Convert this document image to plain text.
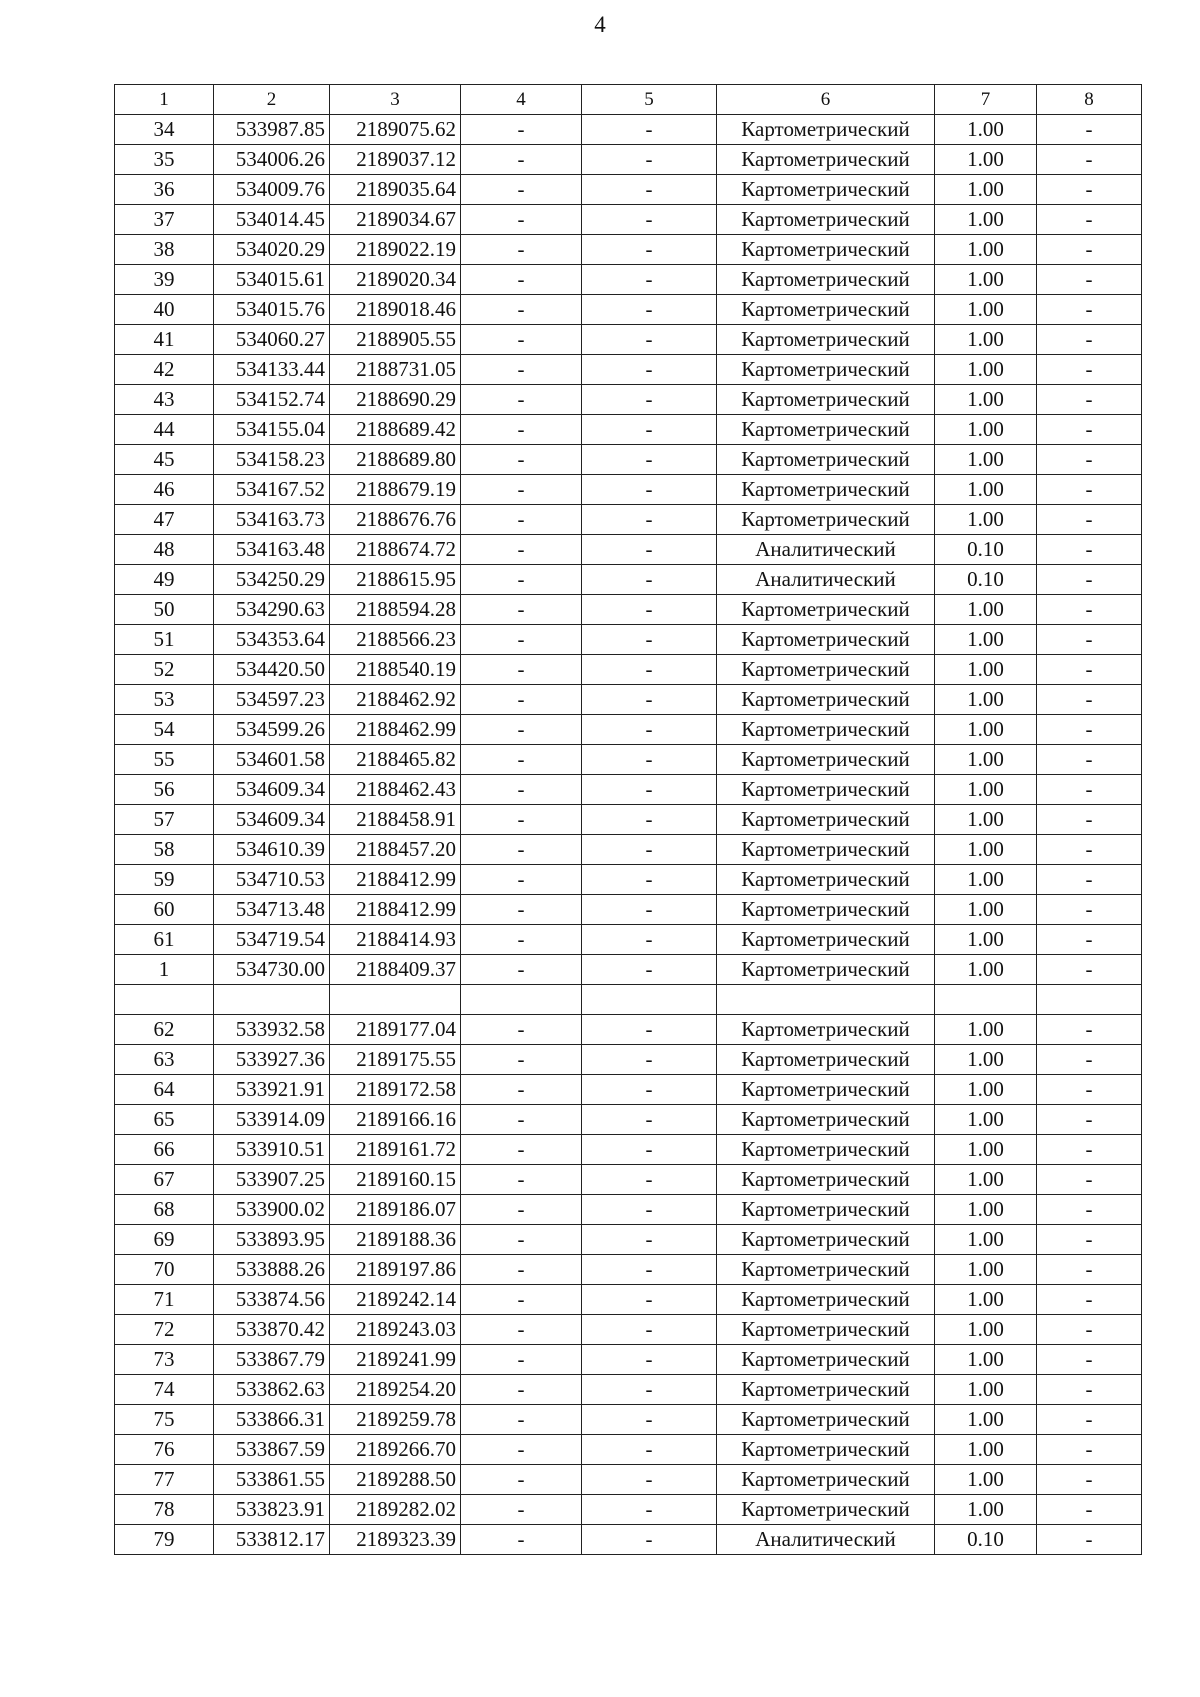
4
1	2	3	4	5	6	7	8
34	533987.85	2189075.62	-	-	Картометрический	1.00	-
35	534006.26	2189037.12	-	-	Картометрический	1.00	-
36	534009.76	2189035.64	-	-	Картометрический	1.00	-
37	534014.45	2189034.67	-	-	Картометрический	1.00	-
38	534020.29	2189022.19	-	-	Картометрический	1.00	-
39	534015.61	2189020.34	-	-	Картометрический	1.00	-
40	534015.76	2189018.46	-	-	Картометрический	1.00	-
41	534060.27	2188905.55	-	-	Картометрический	1.00	-
42	534133.44	2188731.05	-	-	Картометрический	1.00	-
43	534152.74	2188690.29	-	-	Картометрический	1.00	-
44	534155.04	2188689.42	-	-	Картометрический	1.00	-
45	534158.23	2188689.80	-	-	Картометрический	1.00	-
46	534167.52	2188679.19	-	-	Картометрический	1.00	-
47	534163.73	2188676.76	-	-	Картометрический	1.00	-
48	534163.48	2188674.72	-	-	Аналитический	0.10	-
49	534250.29	2188615.95	-	-	Аналитический	0.10	-
50	534290.63	2188594.28	-	-	Картометрический	1.00	-
51	534353.64	2188566.23	-	-	Картометрический	1.00	-
52	534420.50	2188540.19	-	-	Картометрический	1.00	-
53	534597.23	2188462.92	-	-	Картометрический	1.00	-
54	534599.26	2188462.99	-	-	Картометрический	1.00	-
55	534601.58	2188465.82	-	-	Картометрический	1.00	-
56	534609.34	2188462.43	-	-	Картометрический	1.00	-
57	534609.34	2188458.91	-	-	Картометрический	1.00	-
58	534610.39	2188457.20	-	-	Картометрический	1.00	-
59	534710.53	2188412.99	-	-	Картометрический	1.00	-
60	534713.48	2188412.99	-	-	Картометрический	1.00	-
61	534719.54	2188414.93	-	-	Картометрический	1.00	-
1	534730.00	2188409.37	-	-	Картометрический	1.00	-

62	533932.58	2189177.04	-	-	Картометрический	1.00	-
63	533927.36	2189175.55	-	-	Картометрический	1.00	-
64	533921.91	2189172.58	-	-	Картометрический	1.00	-
65	533914.09	2189166.16	-	-	Картометрический	1.00	-
66	533910.51	2189161.72	-	-	Картометрический	1.00	-
67	533907.25	2189160.15	-	-	Картометрический	1.00	-
68	533900.02	2189186.07	-	-	Картометрический	1.00	-
69	533893.95	2189188.36	-	-	Картометрический	1.00	-
70	533888.26	2189197.86	-	-	Картометрический	1.00	-
71	533874.56	2189242.14	-	-	Картометрический	1.00	-
72	533870.42	2189243.03	-	-	Картометрический	1.00	-
73	533867.79	2189241.99	-	-	Картометрический	1.00	-
74	533862.63	2189254.20	-	-	Картометрический	1.00	-
75	533866.31	2189259.78	-	-	Картометрический	1.00	-
76	533867.59	2189266.70	-	-	Картометрический	1.00	-
77	533861.55	2189288.50	-	-	Картометрический	1.00	-
78	533823.91	2189282.02	-	-	Картометрический	1.00	-
79	533812.17	2189323.39	-	-	Аналитический	0.10	-
